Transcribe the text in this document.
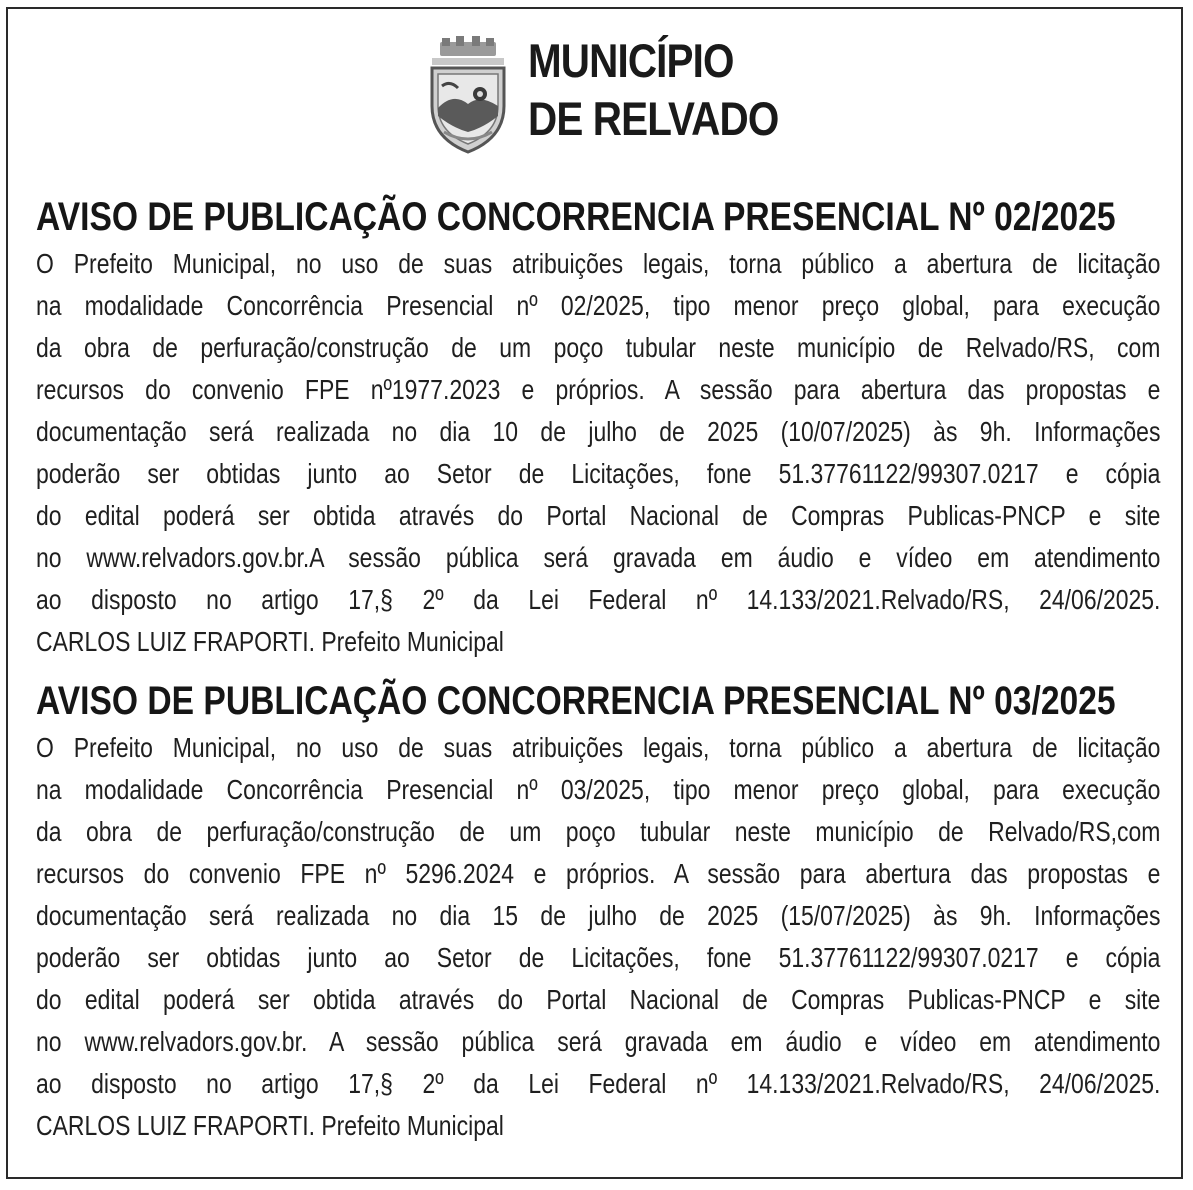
MUNICÍPIO
DE RELVADO
AVISO DE PUBLICAÇÃO CONCORRENCIA PRESENCIAL Nº 02/2025
O Prefeito Municipal, no uso de suas atribuições legais, torna público a abertura de licitação
na modalidade Concorrência Presencial nº 02/2025, tipo menor preço global, para execução
da obra de perfuração/construção de um poço tubular neste município de Relvado/RS, com
recursos do convenio FPE nº1977.2023 e próprios. A sessão para abertura das propostas e
documentação será realizada no dia 10 de julho de 2025 (10/07/2025) às 9h. Informações
poderão ser obtidas junto ao Setor de Licitações, fone 51.37761122/99307.0217 e cópia
do edital poderá ser obtida através do Portal Nacional de Compras Publicas-PNCP e site
no www.relvadors.gov.br.A sessão pública será gravada em áudio e vídeo em atendimento
ao disposto no artigo 17,§ 2º da Lei Federal nº 14.133/2021.Relvado/RS, 24/06/2025.
CARLOS LUIZ FRAPORTI. Prefeito Municipal
AVISO DE PUBLICAÇÃO CONCORRENCIA PRESENCIAL Nº 03/2025
O Prefeito Municipal, no uso de suas atribuições legais, torna público a abertura de licitação
na modalidade Concorrência Presencial nº 03/2025, tipo menor preço global, para execução
da obra de perfuração/construção de um poço tubular neste município de Relvado/RS,com
recursos do convenio FPE nº 5296.2024 e próprios. A sessão para abertura das propostas e
documentação será realizada no dia 15 de julho de 2025 (15/07/2025) às 9h. Informações
poderão ser obtidas junto ao Setor de Licitações, fone 51.37761122/99307.0217 e cópia
do edital poderá ser obtida através do Portal Nacional de Compras Publicas-PNCP e site
no www.relvadors.gov.br. A sessão pública será gravada em áudio e vídeo em atendimento
ao disposto no artigo 17,§ 2º da Lei Federal nº 14.133/2021.Relvado/RS, 24/06/2025.
CARLOS LUIZ FRAPORTI. Prefeito Municipal
